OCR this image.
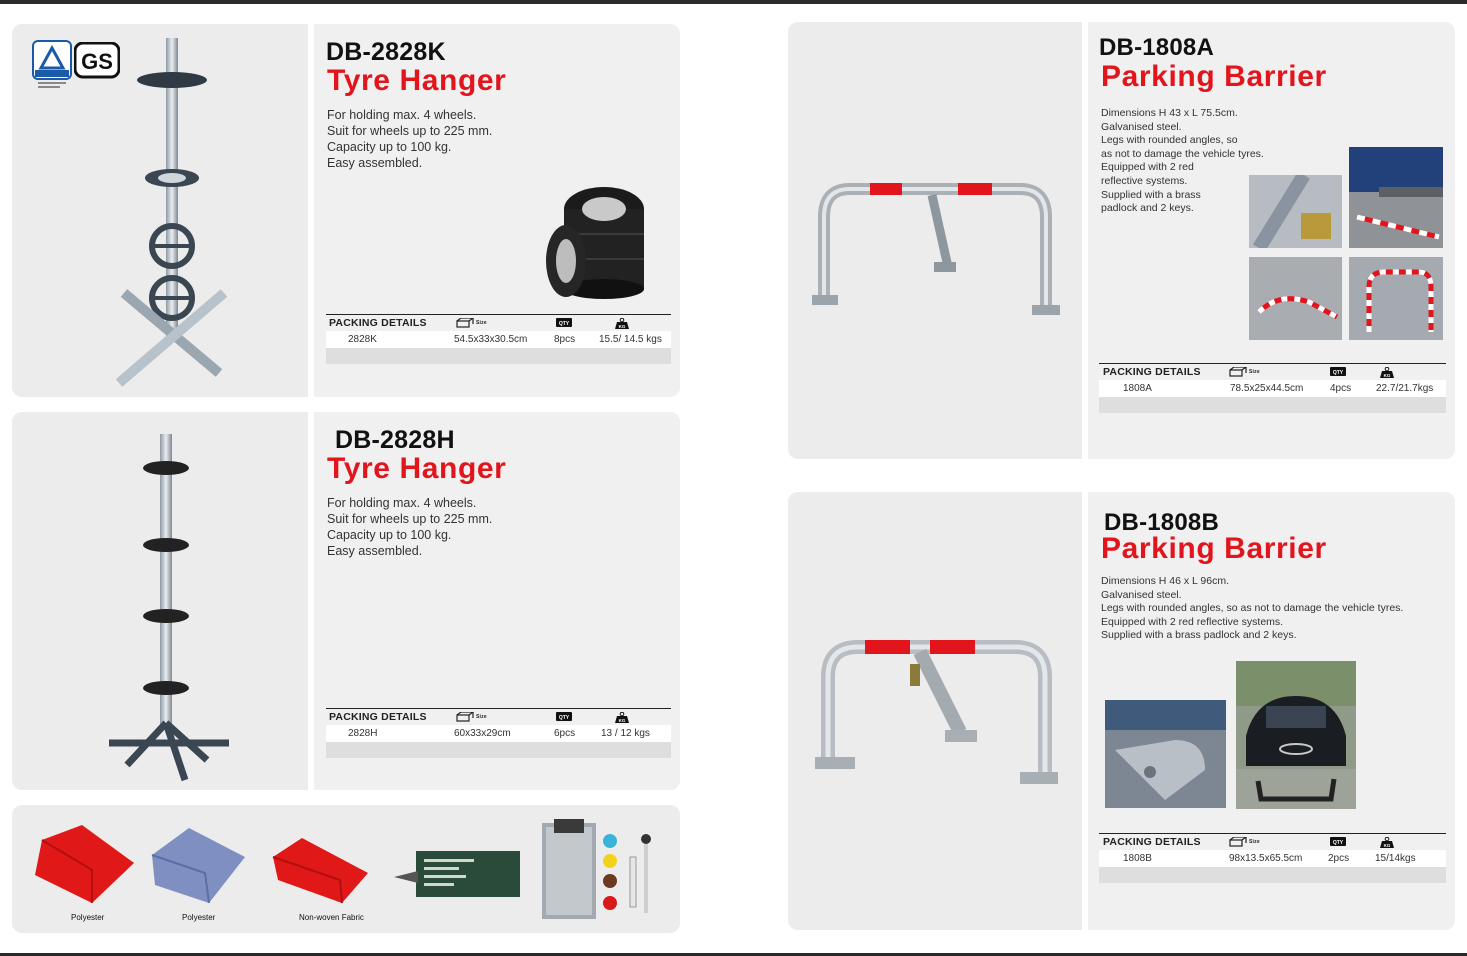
GS	DB-2828K
Tyre Hanger
For holding max. 4 wheels.
Suit for wheels up to 225 mm.
Capacity up to 100 kg.
Easy assembled.
PACKING DETAILS	Size	QTY	KG
2828K	54.5x33x30.5cm	8pcs 15.5/ 14.5 kgs
DB-2828H
Tyre Hanger
For holding max. 4 wheels.
Suit for wheels up to 225 mm.
Capacity up to 100 kg.
Easy assembled.
PACKING DETAILS	Size	QTY	KG
2828H	60x33x29cm	6pcs	13 / 12 kgs
Polyester	Polyester	Non-woven Fabric
DB-1808A
Parking Barrier
Dimensions H 43 x L 75.5cm.
Galvanised steel.
Legs with rounded angles, so
as not to damage the vehicle tyres.
Equipped with 2 red
reflective systems.
Supplied with a brass
padlock and 2 keys.
PACKING DETAILS	Size	QTY	KG
1808A	78.5x25x44.5cm	4pcs 22.7/21.7kgs
DB-1808B
Parking Barrier
Dimensions H 46 x L 96cm.
Galvanised steel.
Legs with rounded angles, so as not to damage the vehicle tyres.
Equipped with 2 red reflective systems.
Supplied with a brass padlock and 2 keys.
PACKING DETAILS	Size	QTY	KG
1808B	98x13.5x65.5cm	2pcs	15/14kgs
